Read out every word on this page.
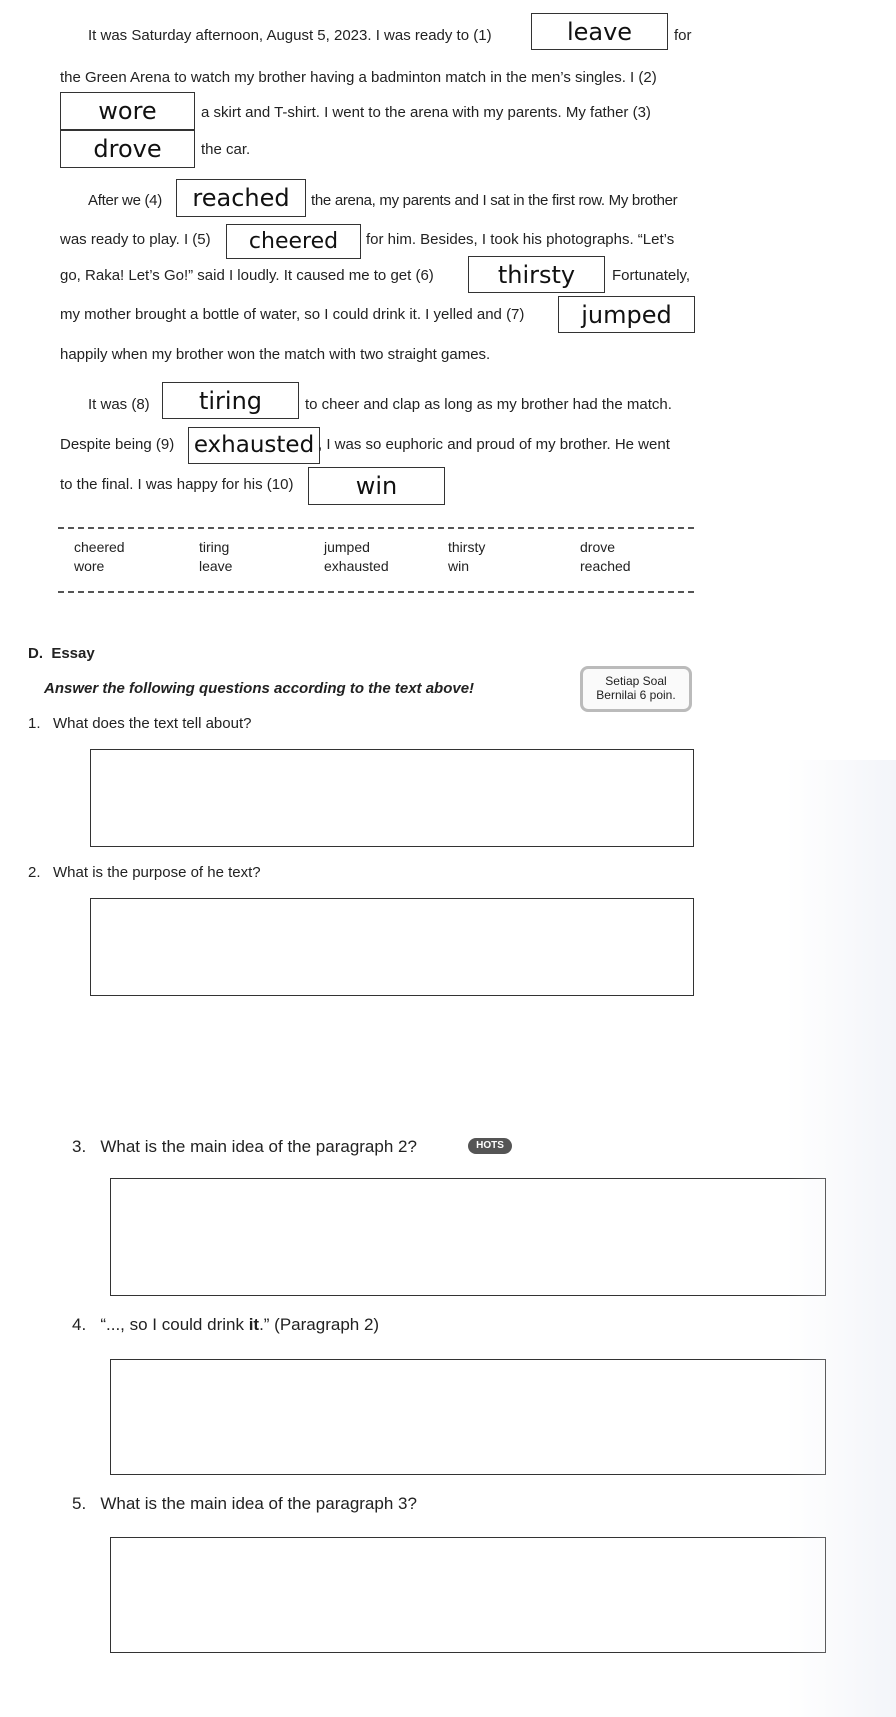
It was Saturday afternoon, August 5, 2023. I was ready to (1)	leave	for
the Green Arena to watch my brother having a badminton match in the men’s singles. I (2)
wore	a skirt and T-shirt. I went to the arena with my parents. My father (3)
drove	the car.
After we (4) reached the arena, my parents and I sat in the first row. My brother
was ready to play. I (5) cheered for him. Besides, I took his photographs. “Let’s
go, Raka! Let’s Go!” said I loudly. It caused me to get (6)	thirsty Fortunately,
my mother brought a bottle of water, so I could drink it. I yelled and (7) jumped
happily when my brother won the match with two straight games.
It was (8) tiring	to cheer and clap as long as my brother had the match.
Despite being (9) exhausted , I was so euphoric and proud of my brother. He went
to the final. I was happy for his (10)	win
cheered	tiring	jumped	thirsty	drove
wore	leave	exhausted	win	reached
D.  Essay
Answer the following questions according to the text above!	Setiap Soal
Bernilai 6 poin.
1.   What does the text tell about?
2.   What is the purpose of he text?
3.   What is the main idea of the paragraph 2?	HOTS
4.   “..., so I could drink it.” (Paragraph 2)
5.   What is the main idea of the paragraph 3?
